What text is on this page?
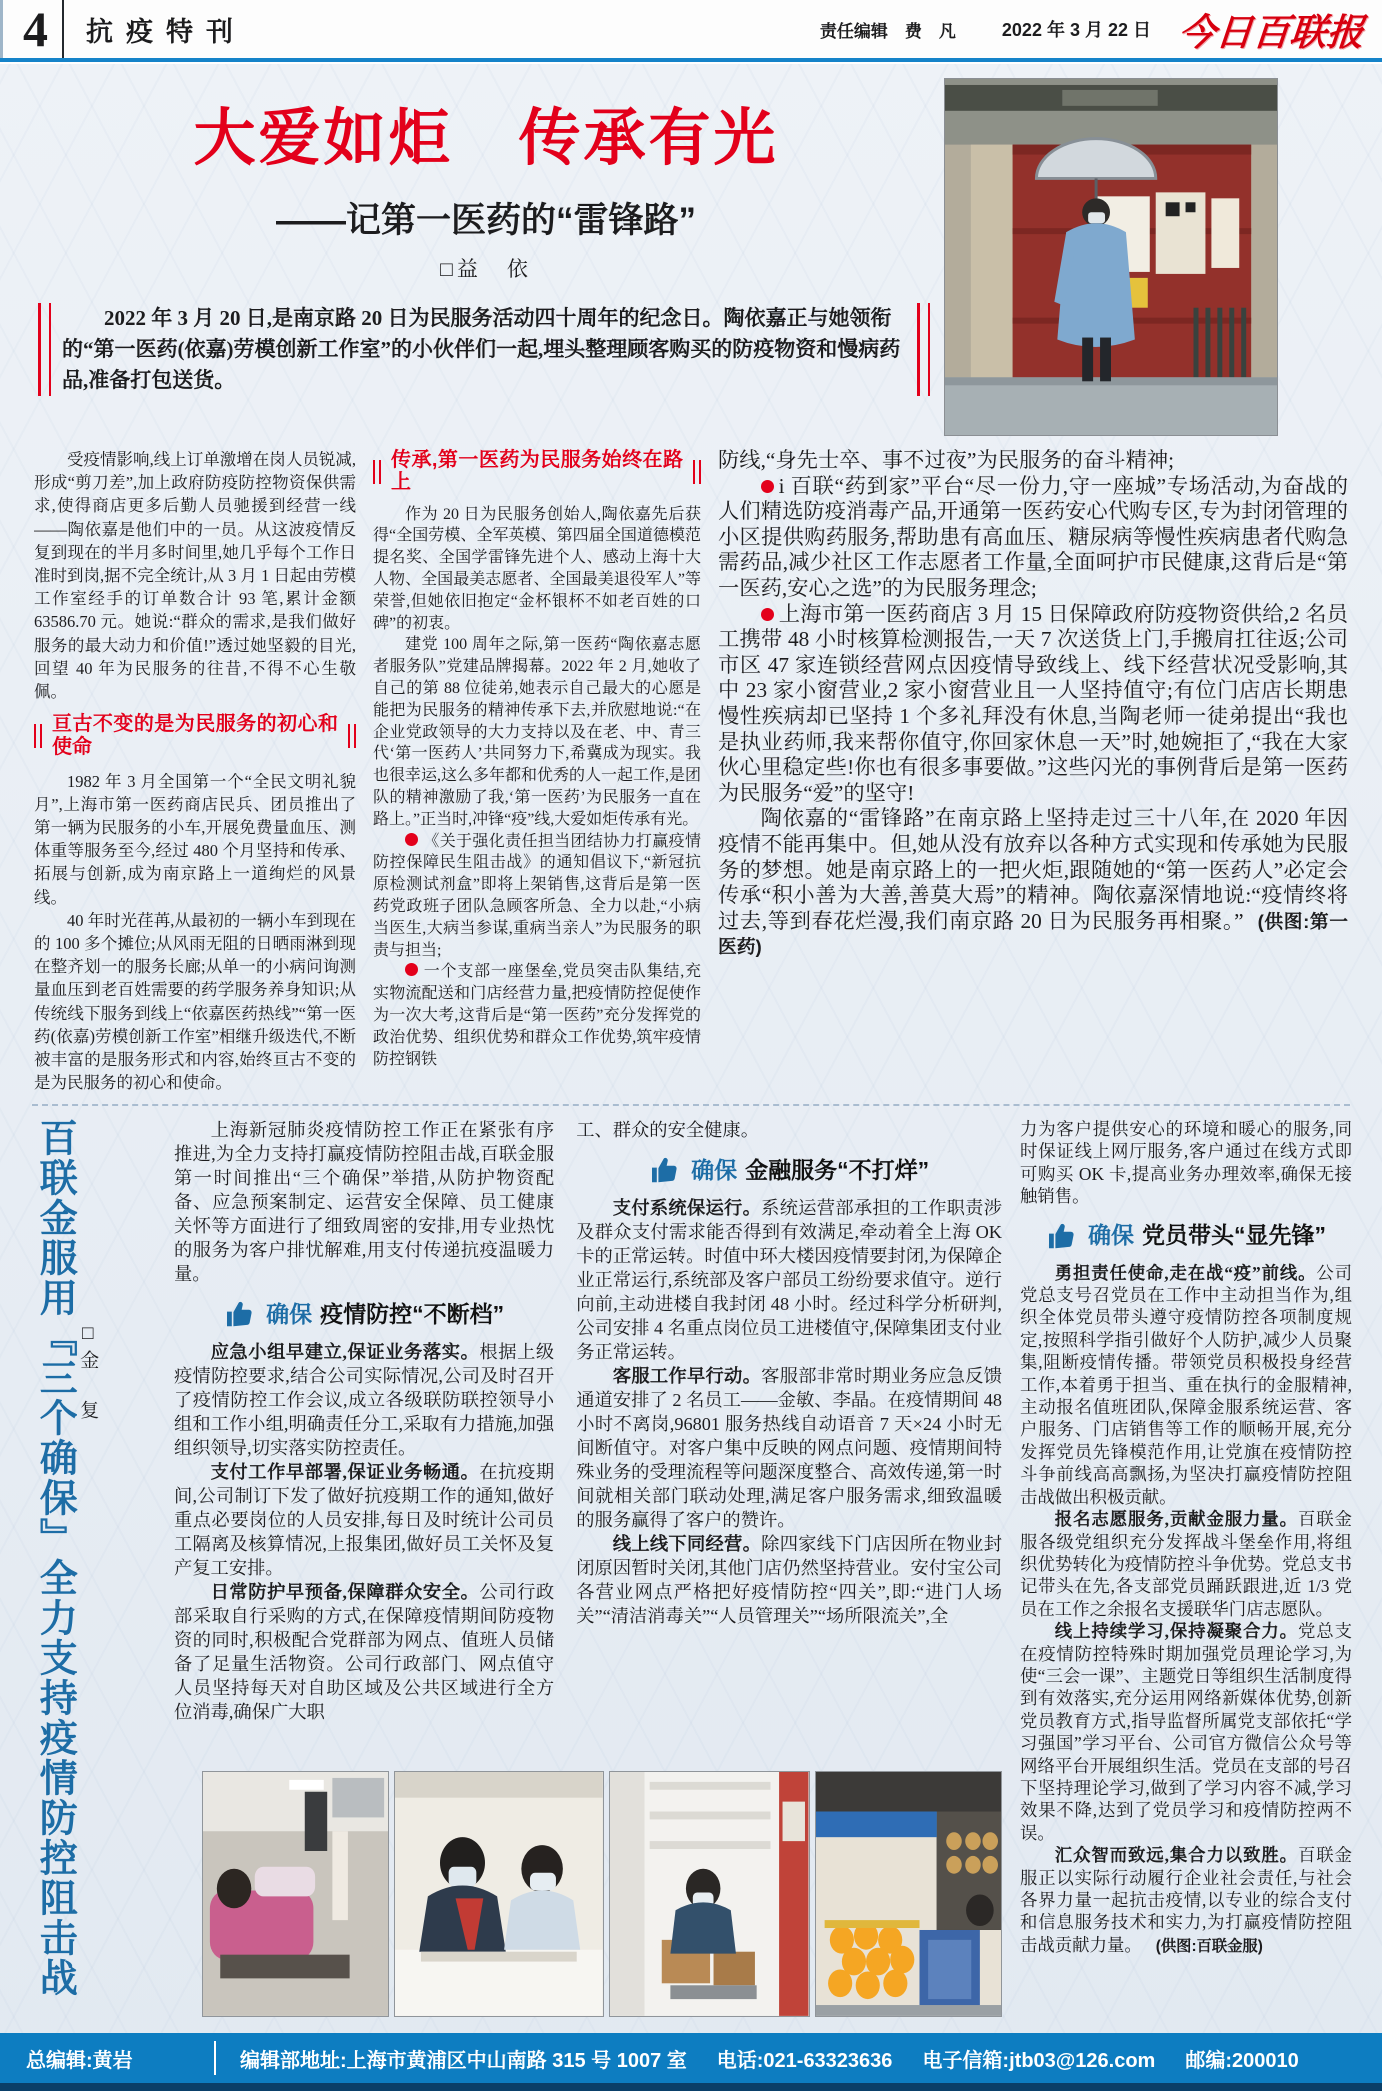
4	抗疫特刊	责任编辑　费　凡	2022 年 3 月 22 日 今日百联报
大爱如炬　传承有光
——记第一医药的“雷锋路”
□益　依
2022 年 3 月 20 日,是南京路 20 日为民服务活动四十周年的纪念日。陶依嘉正与她领衔的“第一医药(依嘉)劳模创新工作室”的小伙伴们一起,埋头整理顾客购买的防疫物资和慢病药品,准备打包送货。

受疫情影响,线上订单激增在岗人员锐减,形成“剪刀差”,加上政府防疫防控物资保供需求,使得商店更多后勤人员驰援到经营一线——陶依嘉是他们中的一员。从这波疫情反复到现在的半月多时间里,她几乎每个工作日准时到岗,据不完全统计,从 3 月 1 日起由劳模工作室经手的订单数合计 93 笔,累计金额 63586.70 元。她说:“群众的需求,是我们做好服务的最大动力和价值!”透过她坚毅的目光,回望 40 年为民服务的往昔,不得不心生敬佩。

亘古不变的是为民服务的初心和使命

1982 年 3 月全国第一个“全民文明礼貌月”,上海市第一医药商店民兵、团员推出了第一辆为民服务的小车,开展免费量血压、测体重等服务至今,经过 480 个月坚持和传承、拓展与创新,成为南京路上一道绚烂的风景线。

40 年时光荏苒,从最初的一辆小车到现在的 100 多个摊位;从风雨无阻的日晒雨淋到现在整齐划一的服务长廊;从单一的小病问询测量血压到老百姓需要的药学服务养身知识;从传统线下服务到线上“依嘉医药热线”“第一医药(依嘉)劳模创新工作室”相继升级迭代,不断被丰富的是服务形式和内容,始终亘古不变的是为民服务的初心和使命。

传承,第一医药为民服务始终在路上

作为 20 日为民服务创始人,陶依嘉先后获得“全国劳模、全军英模、第四届全国道德模范提名奖、全国学雷锋先进个人、感动上海十大人物、全国最美志愿者、全国最美退役军人”等荣誉,但她依旧抱定“金杯银杯不如老百姓的口碑”的初衷。

建党 100 周年之际,第一医药“陶依嘉志愿者服务队”党建品牌揭幕。2022 年 2 月,她收了自己的第 88 位徒弟,她表示自己最大的心愿是能把为民服务的精神传承下去,并欣慰地说:“在企业党政领导的大力支持以及在老、中、青三代‘第一医药人’共同努力下,希冀成为现实。我也很幸运,这么多年都和优秀的人一起工作,是团队的精神激励了我,‘第一医药’为民服务一直在路上。”正当时,冲锋“疫”线,大爱如炬传承有光。

《关于强化责任担当团结协力打赢疫情防控保障民生阻击战》的通知倡议下,“新冠抗原检测试剂盒”即将上架销售,这背后是第一医药党政班子团队急顾客所急、全力以赴,“小病当医生,大病当参谋,重病当亲人”为民服务的职责与担当;

一个支部一座堡垒,党员突击队集结,充实物流配送和门店经营力量,把疫情防控促使作为一次大考,这背后是“第一医药”充分发挥党的政治优势、组织优势和群众工作优势,筑牢疫情防控钢铁

防线,“身先士卒、事不过夜”为民服务的奋斗精神;

i 百联“药到家”平台“尽一份力,守一座城”专场活动,为奋战的人们精选防疫消毒产品,开通第一医药安心代购专区,专为封闭管理的小区提供购药服务,帮助患有高血压、糖尿病等慢性疾病患者代购急需药品,减少社区工作志愿者工作量,全面呵护市民健康,这背后是“第一医药,安心之选”的为民服务理念;

上海市第一医药商店 3 月 15 日保障政府防疫物资供给,2 名员工携带 48 小时核算检测报告,一天 7 次送货上门,手搬肩扛往返;公司市区 47 家连锁经营网点因疫情导致线上、线下经营状况受影响,其中 23 家小窗营业,2 家小窗营业且一人坚持值守;有位门店店长期患慢性疾病却已坚持 1 个多礼拜没有休息,当陶老师一徒弟提出“我也是执业药师,我来帮你值守,你回家休息一天”时,她婉拒了,“我在大家伙心里稳定些!你也有很多事要做。”这些闪光的事例背后是第一医药为民服务“爱”的坚守!

陶依嘉的“雷锋路”在南京路上坚持走过三十八年,在 2020 年因疫情不能再集中。但,她从没有放弃以各种方式实现和传承她为民服务的梦想。她是南京路上的一把火炬,跟随她的“第一医药人”必定会传承“积小善为大善,善莫大焉”的精神。陶依嘉深情地说:“疫情终将过去,等到春花烂漫,我们南京路 20 日为民服务再相聚。” (供图:第一医药)

百联金服用『三个确保』全力支持疫情防控阻击战 □金　复

上海新冠肺炎疫情防控工作正在紧张有序推进,为全力支持打赢疫情防控阻击战,百联金服第一时间推出“三个确保”举措,从防护物资配备、应急预案制定、运营安全保障、员工健康关怀等方面进行了细致周密的安排,用专业热忱的服务为客户排忧解难,用支付传递抗疫温暖力量。

确保 疫情防控“不断档”

应急小组早建立,保证业务落实。根据上级疫情防控要求,结合公司实际情况,公司及时召开了疫情防控工作会议,成立各级联防联控领导小组和工作小组,明确责任分工,采取有力措施,加强组织领导,切实落实防控责任。

支付工作早部署,保证业务畅通。在抗疫期间,公司制订下发了做好抗疫期工作的通知,做好重点必要岗位的人员安排,每日及时统计公司员工隔离及核算情况,上报集团,做好员工关怀及复产复工安排。

日常防护早预备,保障群众安全。公司行政部采取自行采购的方式,在保障疫情期间防疫物资的同时,积极配合党群部为网点、值班人员储备了足量生活物资。公司行政部门、网点值守人员坚持每天对自助区域及公共区域进行全方位消毒,确保广大职

工、群众的安全健康。

确保 金融服务“不打烊”

支付系统保运行。系统运营部承担的工作职责涉及群众支付需求能否得到有效满足,牵动着全上海 OK 卡的正常运转。时值中环大楼因疫情要封闭,为保障企业正常运行,系统部及客户部员工纷纷要求值守。逆行向前,主动进楼自我封闭 48 小时。经过科学分析研判,公司安排 4 名重点岗位员工进楼值守,保障集团支付业务正常运转。

客服工作早行动。客服部非常时期业务应急反馈通道安排了 2 名员工——金敏、李晶。在疫情期间 48 小时不离岗,96801 服务热线自动语音 7 天×24 小时无间断值守。对客户集中反映的网点问题、疫情期间特殊业务的受理流程等问题深度整合、高效传递,第一时间就相关部门联动处理,满足客户服务需求,细致温暖的服务赢得了客户的赞许。

线上线下同经营。除四家线下门店因所在物业封闭原因暂时关闭,其他门店仍然坚持营业。安付宝公司各营业网点严格把好疫情防控“四关”,即:“进门人场关”“清洁消毒关”“人员管理关”“场所限流关”,全

力为客户提供安心的环境和暖心的服务,同时保证线上网厅服务,客户通过在线方式即可购买 OK 卡,提高业务办理效率,确保无接触销售。

确保 党员带头“显先锋”

勇担责任使命,走在战“疫”前线。公司党总支号召党员在工作中主动担当作为,组织全体党员带头遵守疫情防控各项制度规定,按照科学指引做好个人防护,减少人员聚集,阻断疫情传播。带领党员积极投身经营工作,本着勇于担当、重在执行的金服精神,主动报名值班团队,保障金服系统运营、客户服务、门店销售等工作的顺畅开展,充分发挥党员先锋模范作用,让党旗在疫情防控斗争前线高高飘扬,为坚决打赢疫情防控阻击战做出积极贡献。

报名志愿服务,贡献金服力量。百联金服各级党组织充分发挥战斗堡垒作用,将组织优势转化为疫情防控斗争优势。党总支书记带头在先,各支部党员踊跃跟进,近 1/3 党员在工作之余报名支援联华门店志愿队。

线上持续学习,保持凝聚合力。党总支在疫情防控特殊时期加强党员理论学习,为使“三会一课”、主题党日等组织生活制度得到有效落实,充分运用网络新媒体优势,创新党员教育方式,指导监督所属党支部依托“学习强国”学习平台、公司官方微信公众号等网络平台开展组织生活。党员在支部的号召下坚持理论学习,做到了学习内容不减,学习效果不降,达到了党员学习和疫情防控两不误。

汇众智而致远,集合力以致胜。百联金服正以实际行动履行企业社会责任,与社会各界力量一起抗击疫情,以专业的综合支付和信息服务技术和实力,为打赢疫情防控阻击战贡献力量。 (供图:百联金服)

总编辑:黄岩	编辑部地址:上海市黄浦区中山南路 315 号 1007 室 电话:021-63323636 电子信箱:jtb03@126.com 邮编:200010
